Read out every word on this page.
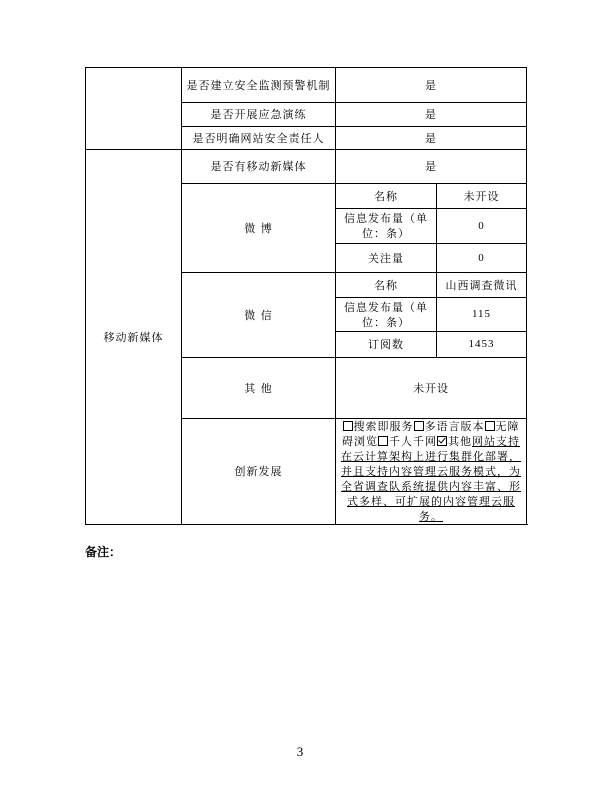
	是否建立安全监测预警机制	是	
	是否开展应急演练	是	
	是否明确网站安全责任人	是	
移动新媒体	是否有移动新媒体	是	
	微 博	名称	未开设
		信息发布量（单位：条）	0
		关注量	0
	微 信	名称	山西调查微讯
		信息发布量（单位：条）	115
		订阅数	1453
	其 他	未开设	
	创新发展	搜索即服务 多语言版本 无障碍浏览 千人千网 其他网站支持在云计算架构上进行集群化部署，并且支持内容管理云服务模式，为全省调查队系统提供内容丰富、形式多样、可扩展的内容管理云服务。	
备注：
3
